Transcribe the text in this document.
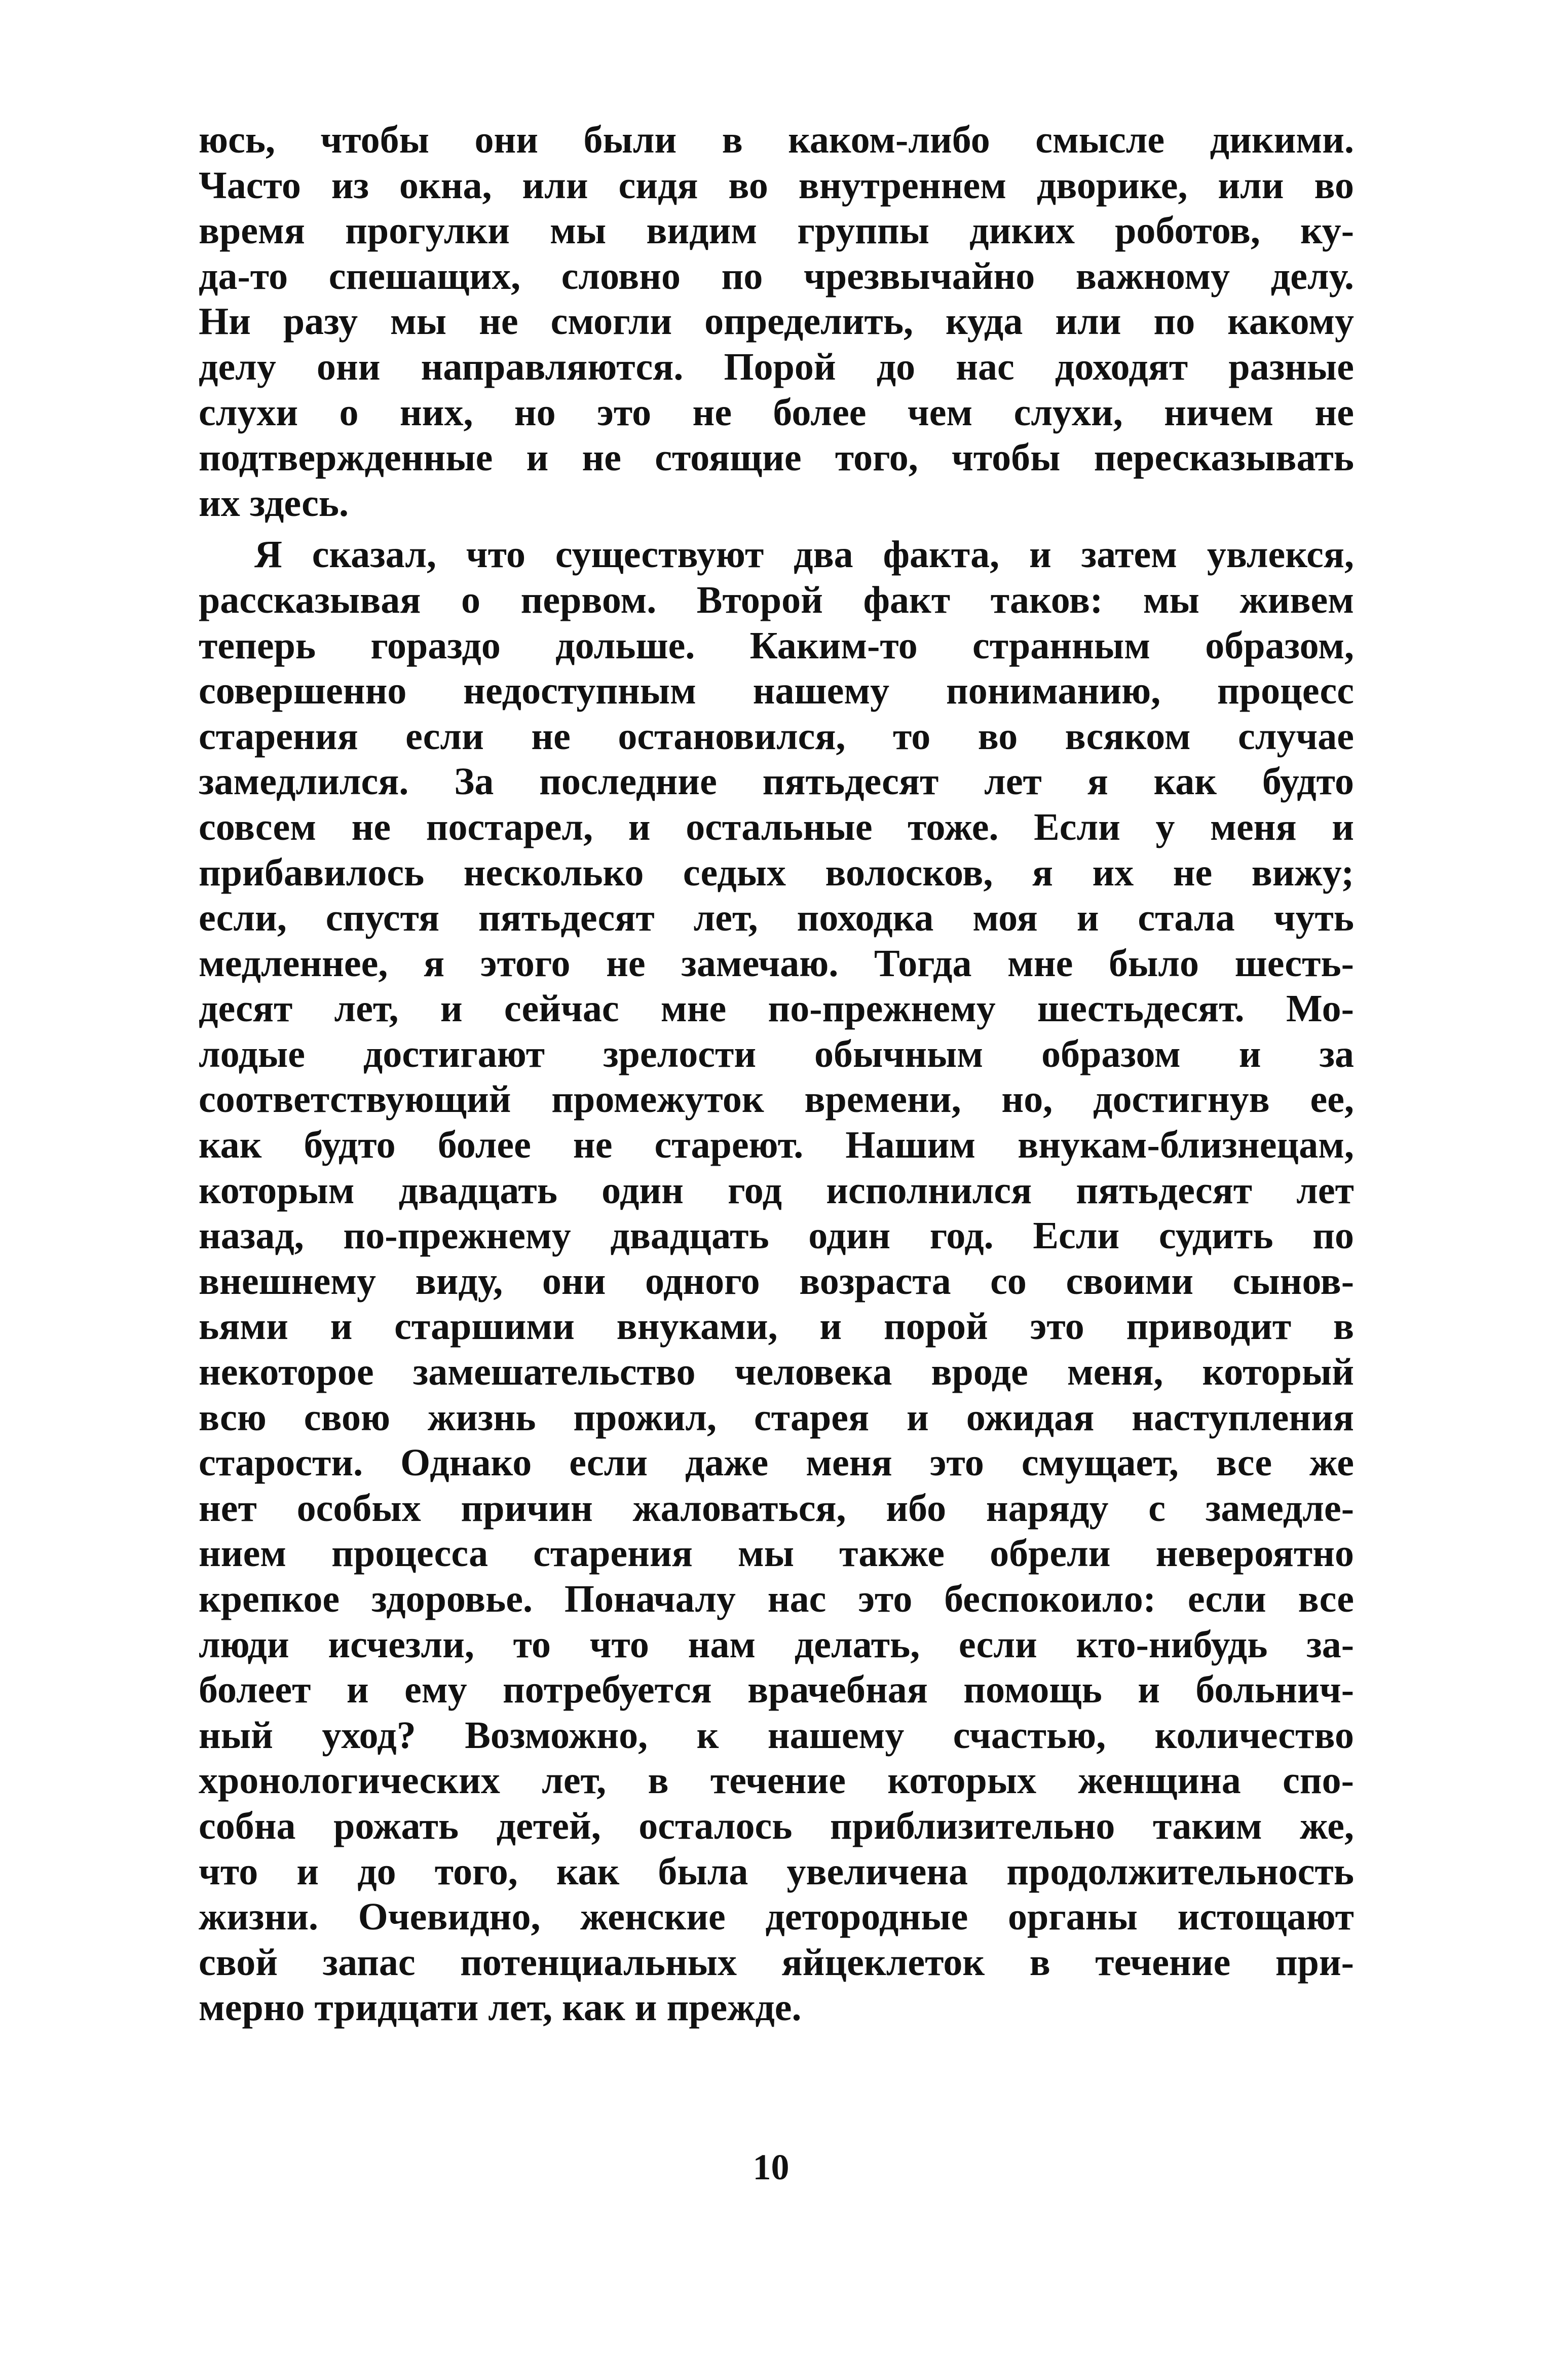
юсь, чтобы они были в каком-либо смысле дикими.
Часто из окна, или сидя во внутреннем дворике, или во
время прогулки мы видим группы диких роботов, ку-
да-то спешащих, словно по чрезвычайно важному делу.
Ни разу мы не смогли определить, куда или по какому
делу они направляются. Порой до нас доходят разные
слухи о них, но это не более чем слухи, ничем не
подтвержденные и не стоящие того, чтобы пересказывать
их здесь.
Я сказал, что существуют два факта, и затем увлекся,
рассказывая о первом. Второй факт таков: мы живем
теперь гораздо дольше. Каким-то странным образом,
совершенно недоступным нашему пониманию, процесс
старения если не остановился, то во всяком случае
замедлился. За последние пятьдесят лет я как будто
совсем не постарел, и остальные тоже. Если у меня и
прибавилось несколько седых волосков, я их не вижу;
если, спустя пятьдесят лет, походка моя и стала чуть
медленнее, я этого не замечаю. Тогда мне было шесть-
десят лет, и сейчас мне по-прежнему шестьдесят. Мо-
лодые достигают зрелости обычным образом и за
соответствующий промежуток времени, но, достигнув ее,
как будто более не стареют. Нашим внукам-близнецам,
которым двадцать один год исполнился пятьдесят лет
назад, по-прежнему двадцать один год. Если судить по
внешнему виду, они одного возраста со своими сынов-
ьями и старшими внуками, и порой это приводит в
некоторое замешательство человека вроде меня, который
всю свою жизнь прожил, старея и ожидая наступления
старости. Однако если даже меня это смущает, все же
нет особых причин жаловаться, ибо наряду с замедле-
нием процесса старения мы также обрели невероятно
крепкое здоровье. Поначалу нас это беспокоило: если все
люди исчезли, то что нам делать, если кто-нибудь за-
болеет и ему потребуется врачебная помощь и больнич-
ный уход? Возможно, к нашему счастью, количество
хронологических лет, в течение которых женщина спо-
собна рожать детей, осталось приблизительно таким же,
что и до того, как была увеличена продолжительность
жизни. Очевидно, женские детородные органы истощают
свой запас потенциальных яйцеклеток в течение при-
мерно тридцати лет, как и прежде.
10
